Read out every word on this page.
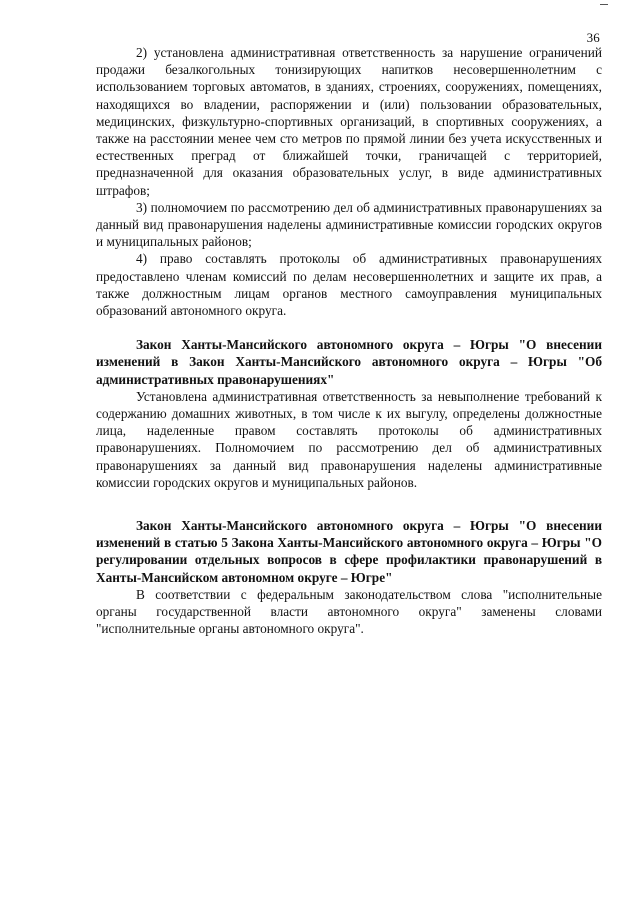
36

2) установлена административная ответственность за нарушение ограничений продажи безалкогольных тонизирующих напитков несовершеннолетним с использованием торговых автоматов, в зданиях, строениях, сооружениях, помещениях, находящихся во владении, распоряжении и (или) пользовании образовательных, медицинских, физкультурно-спортивных организаций, в спортивных сооружениях, а также на расстоянии менее чем сто метров по прямой линии без учета искусственных и естественных преград от ближайшей точки, граничащей с территорией, предназначенной для оказания образовательных услуг, в виде административных штрафов;

3) полномочием по рассмотрению дел об административных правонарушениях за данный вид правонарушения наделены административные комиссии городских округов и муниципальных районов;

4) право составлять протоколы об административных правонарушениях предоставлено членам комиссий по делам несовершеннолетних и защите их прав, а также должностным лицам органов местного самоуправления муниципальных образований автономного округа.

Закон Ханты-Мансийского автономного округа – Югры "О внесении изменений в Закон Ханты-Мансийского автономного округа – Югры "Об административных правонарушениях"

Установлена административная ответственность за невыполнение требований к содержанию домашних животных, в том числе к их выгулу, определены должностные лица, наделенные правом составлять протоколы об административных правонарушениях. Полномочием по рассмотрению дел об административных правонарушениях за данный вид правонарушения наделены административные комиссии городских округов и муниципальных районов.

Закон Ханты-Мансийского автономного округа – Югры "О внесении изменений в статью 5 Закона Ханты-Мансийского автономного округа – Югры "О регулировании отдельных вопросов в сфере профилактики правонарушений в Ханты-Мансийском автономном округе – Югре"

В соответствии с федеральным законодательством слова "исполнительные органы государственной власти автономного округа" заменены словами "исполнительные органы автономного округа".
